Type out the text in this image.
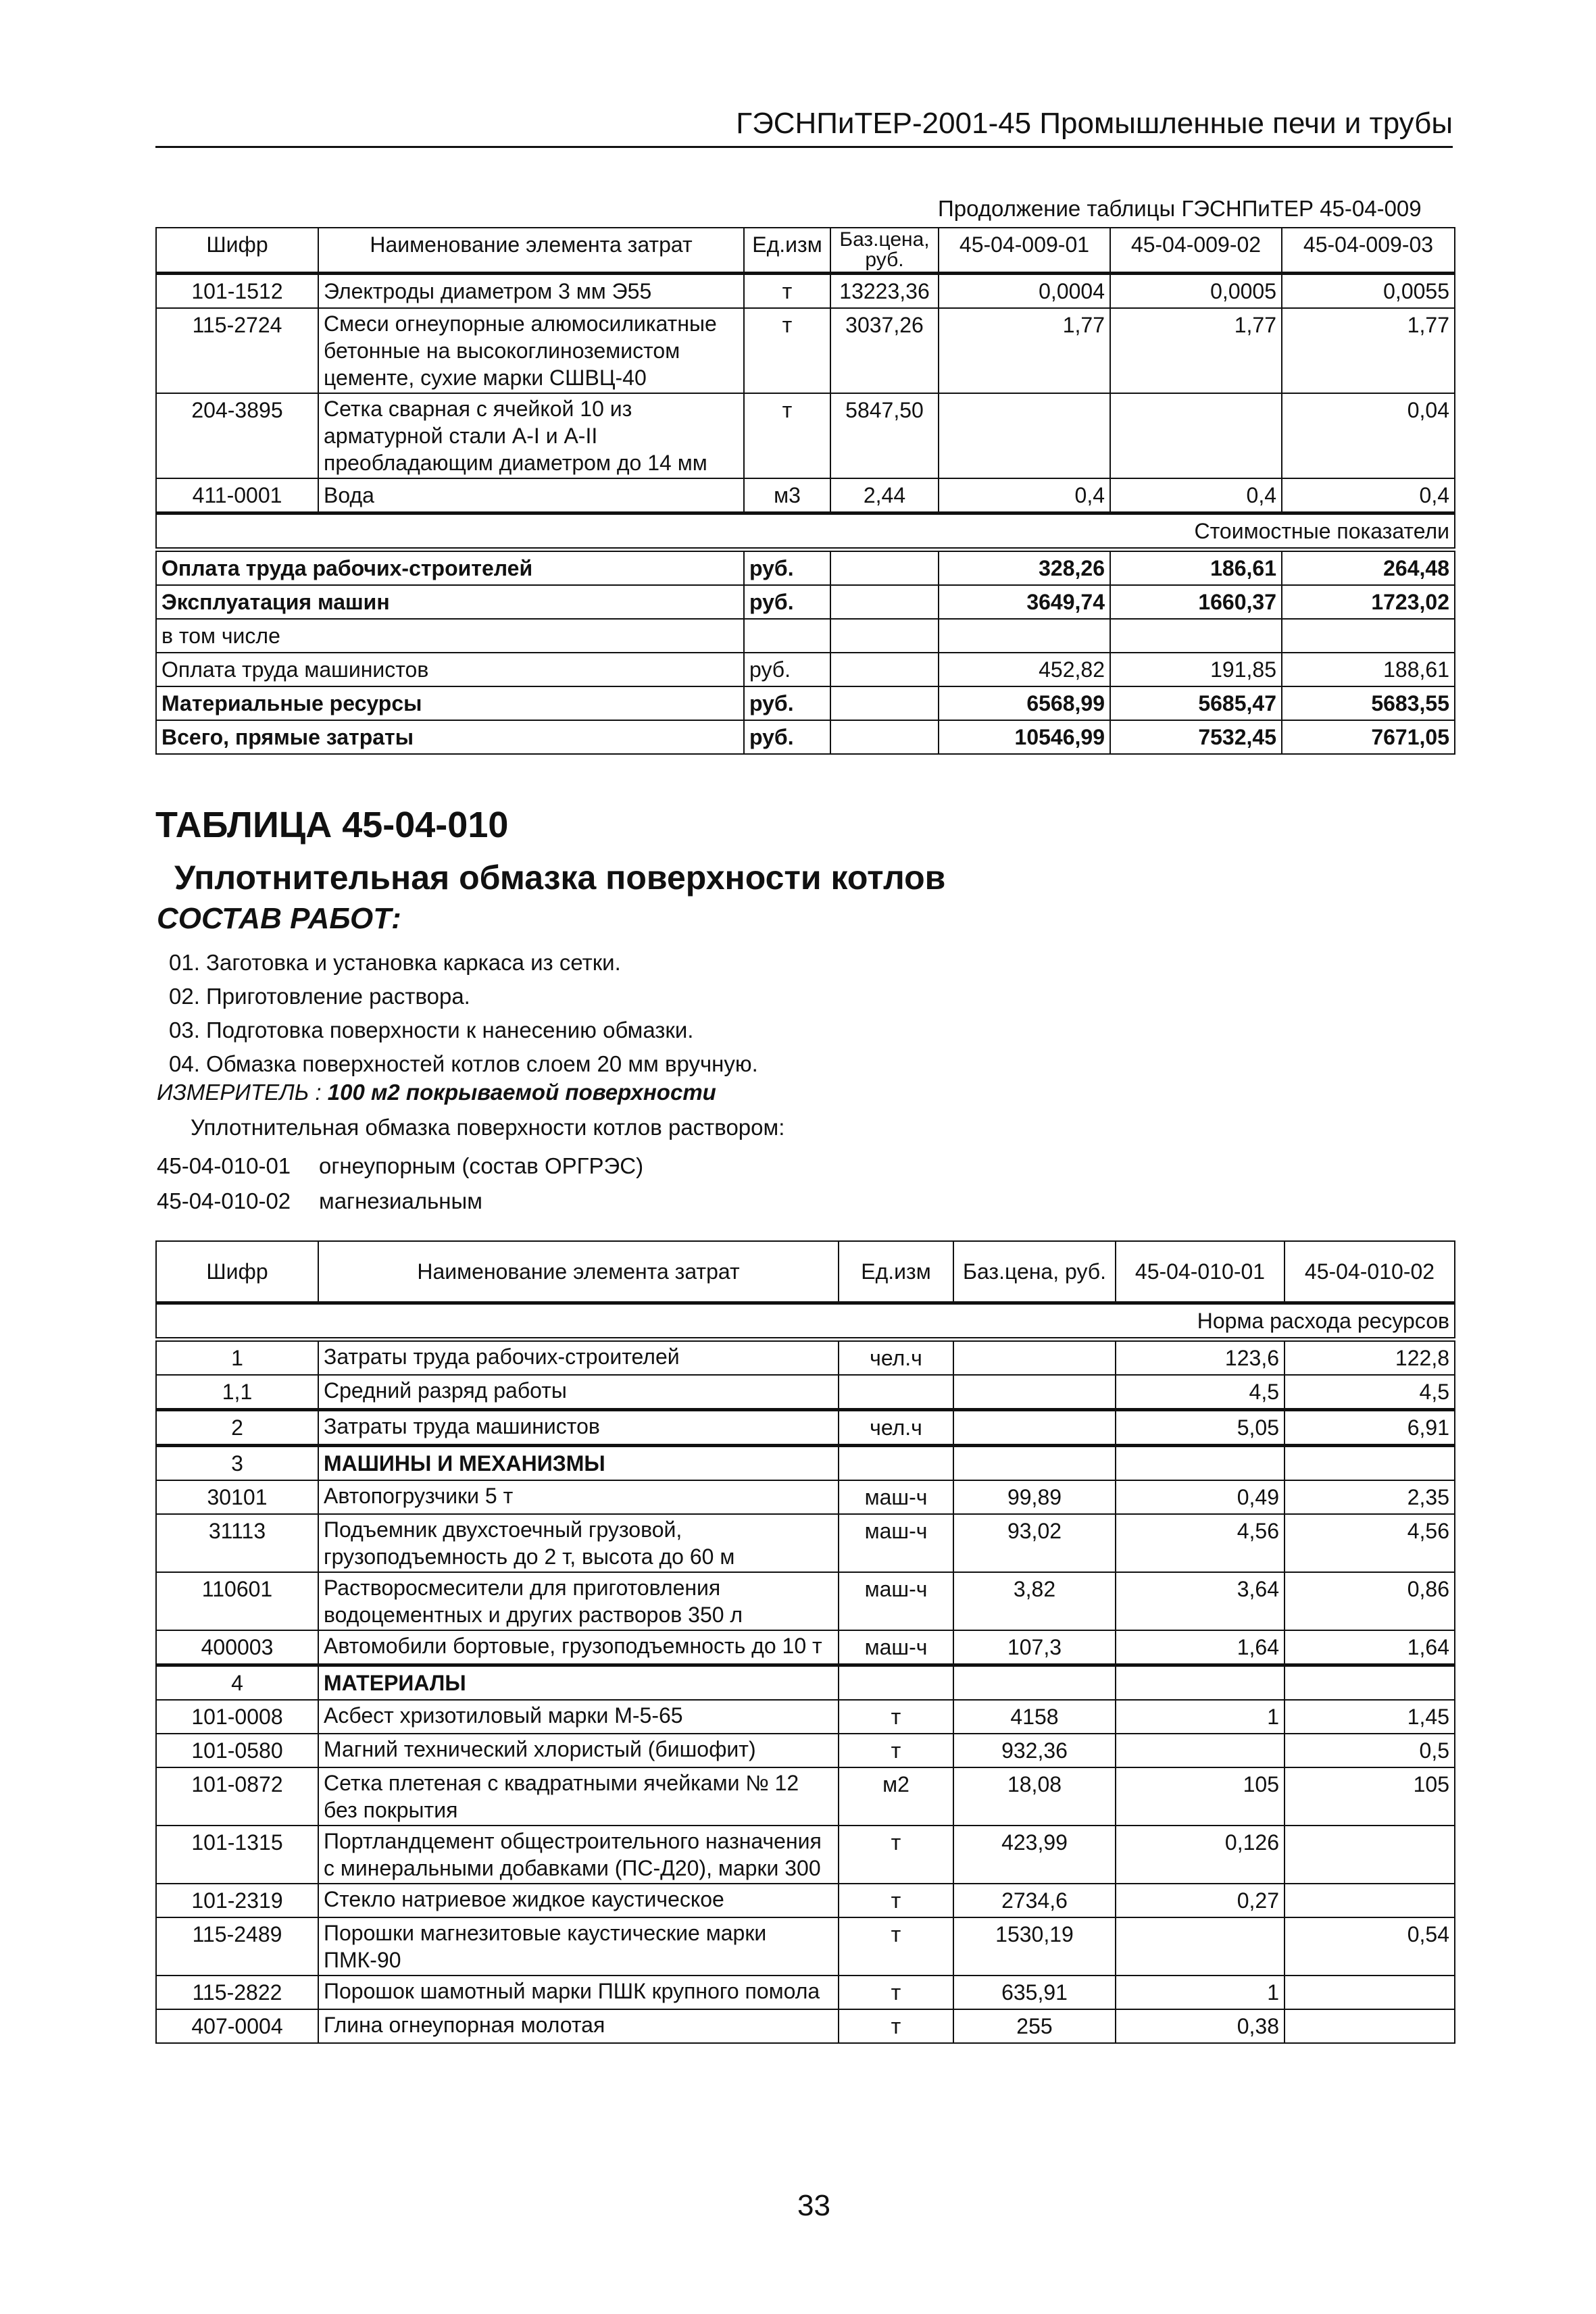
ГЭСНПиТЕР-2001-45 Промышленные печи и трубы
Продолжение таблицы ГЭСНПиТЕР 45-04-009
Шифр	Наименование элемента затрат	Ед.изм	Баз.цена, руб.	45-04-009-01	45-04-009-02	45-04-009-03
101-1512	Электроды диаметром 3 мм Э55	т	13223,36	0,0004	0,0005	0,0055
115-2724	Смеси огнеупорные алюмосиликатные бетонные на высокоглиноземистом цементе, сухие марки СШВЦ-40	т	3037,26	1,77	1,77	1,77
204-3895	Сетка сварная с ячейкой 10 из арматурной стали А-I и А-II преобладающим диаметром до 14 мм	т	5847,50			0,04
411-0001	Вода	м3	2,44	0,4	0,4	0,4
Стоимостные показатели						
Оплата труда рабочих-строителей		руб.		328,26	186,61	264,48
Эксплуатация машин		руб.		3649,74	1660,37	1723,02
в том числе						
Оплата труда машинистов		руб.		452,82	191,85	188,61
Материальные ресурсы		руб.		6568,99	5685,47	5683,55
Всего, прямые затраты		руб.		10546,99	7532,45	7671,05
ТАБЛИЦА 45-04-010
Уплотнительная обмазка поверхности котлов
СОСТАВ РАБОТ:
01. Заготовка и установка каркаса из сетки.
02. Приготовление раствора.
03. Подготовка поверхности к нанесению обмазки.
04. Обмазка поверхностей котлов слоем 20 мм вручную.
ИЗМЕРИТЕЛЬ : 100 м2 покрываемой поверхности
Уплотнительная обмазка поверхности котлов раствором:
45-04-010-01 огнеупорным (состав ОРГРЭС)
45-04-010-02 магнезиальным
Шифр	Наименование элемента затрат	Ед.изм	Баз.цена, руб.	45-04-010-01	45-04-010-02
Норма расхода ресурсов					
1	Затраты труда рабочих-строителей	чел.ч		123,6	122,8
1,1	Средний разряд работы			4,5	4,5
2	Затраты труда машинистов	чел.ч		5,05	6,91
3	МАШИНЫ И МЕХАНИЗМЫ				
30101	Автопогрузчики 5 т	маш-ч	99,89	0,49	2,35
31113	Подъемник двухстоечный грузовой, грузоподъемность до 2 т, высота до 60 м	маш-ч	93,02	4,56	4,56
110601	Растворосмесители для приготовления водоцементных и других растворов 350 л	маш-ч	3,82	3,64	0,86
400003	Автомобили бортовые, грузоподъемность до 10 т	маш-ч	107,3	1,64	1,64
4	МАТЕРИАЛЫ				
101-0008	Асбест хризотиловый марки М-5-65	т	4158	1	1,45
101-0580	Магний технический хлористый (бишофит)	т	932,36		0,5
101-0872	Сетка плетеная с квадратными ячейками № 12 без покрытия	м2	18,08	105	105
101-1315	Портландцемент общестроительного назначения с минеральными добавками (ПС-Д20), марки 300	т	423,99	0,126	
101-2319	Стекло натриевое жидкое каустическое	т	2734,6	0,27	
115-2489	Порошки магнезитовые каустические марки ПМК-90	т	1530,19		0,54
115-2822	Порошок шамотный марки ПШК крупного помола	т	635,91	1	
407-0004	Глина огнеупорная молотая	т	255	0,38	
33
